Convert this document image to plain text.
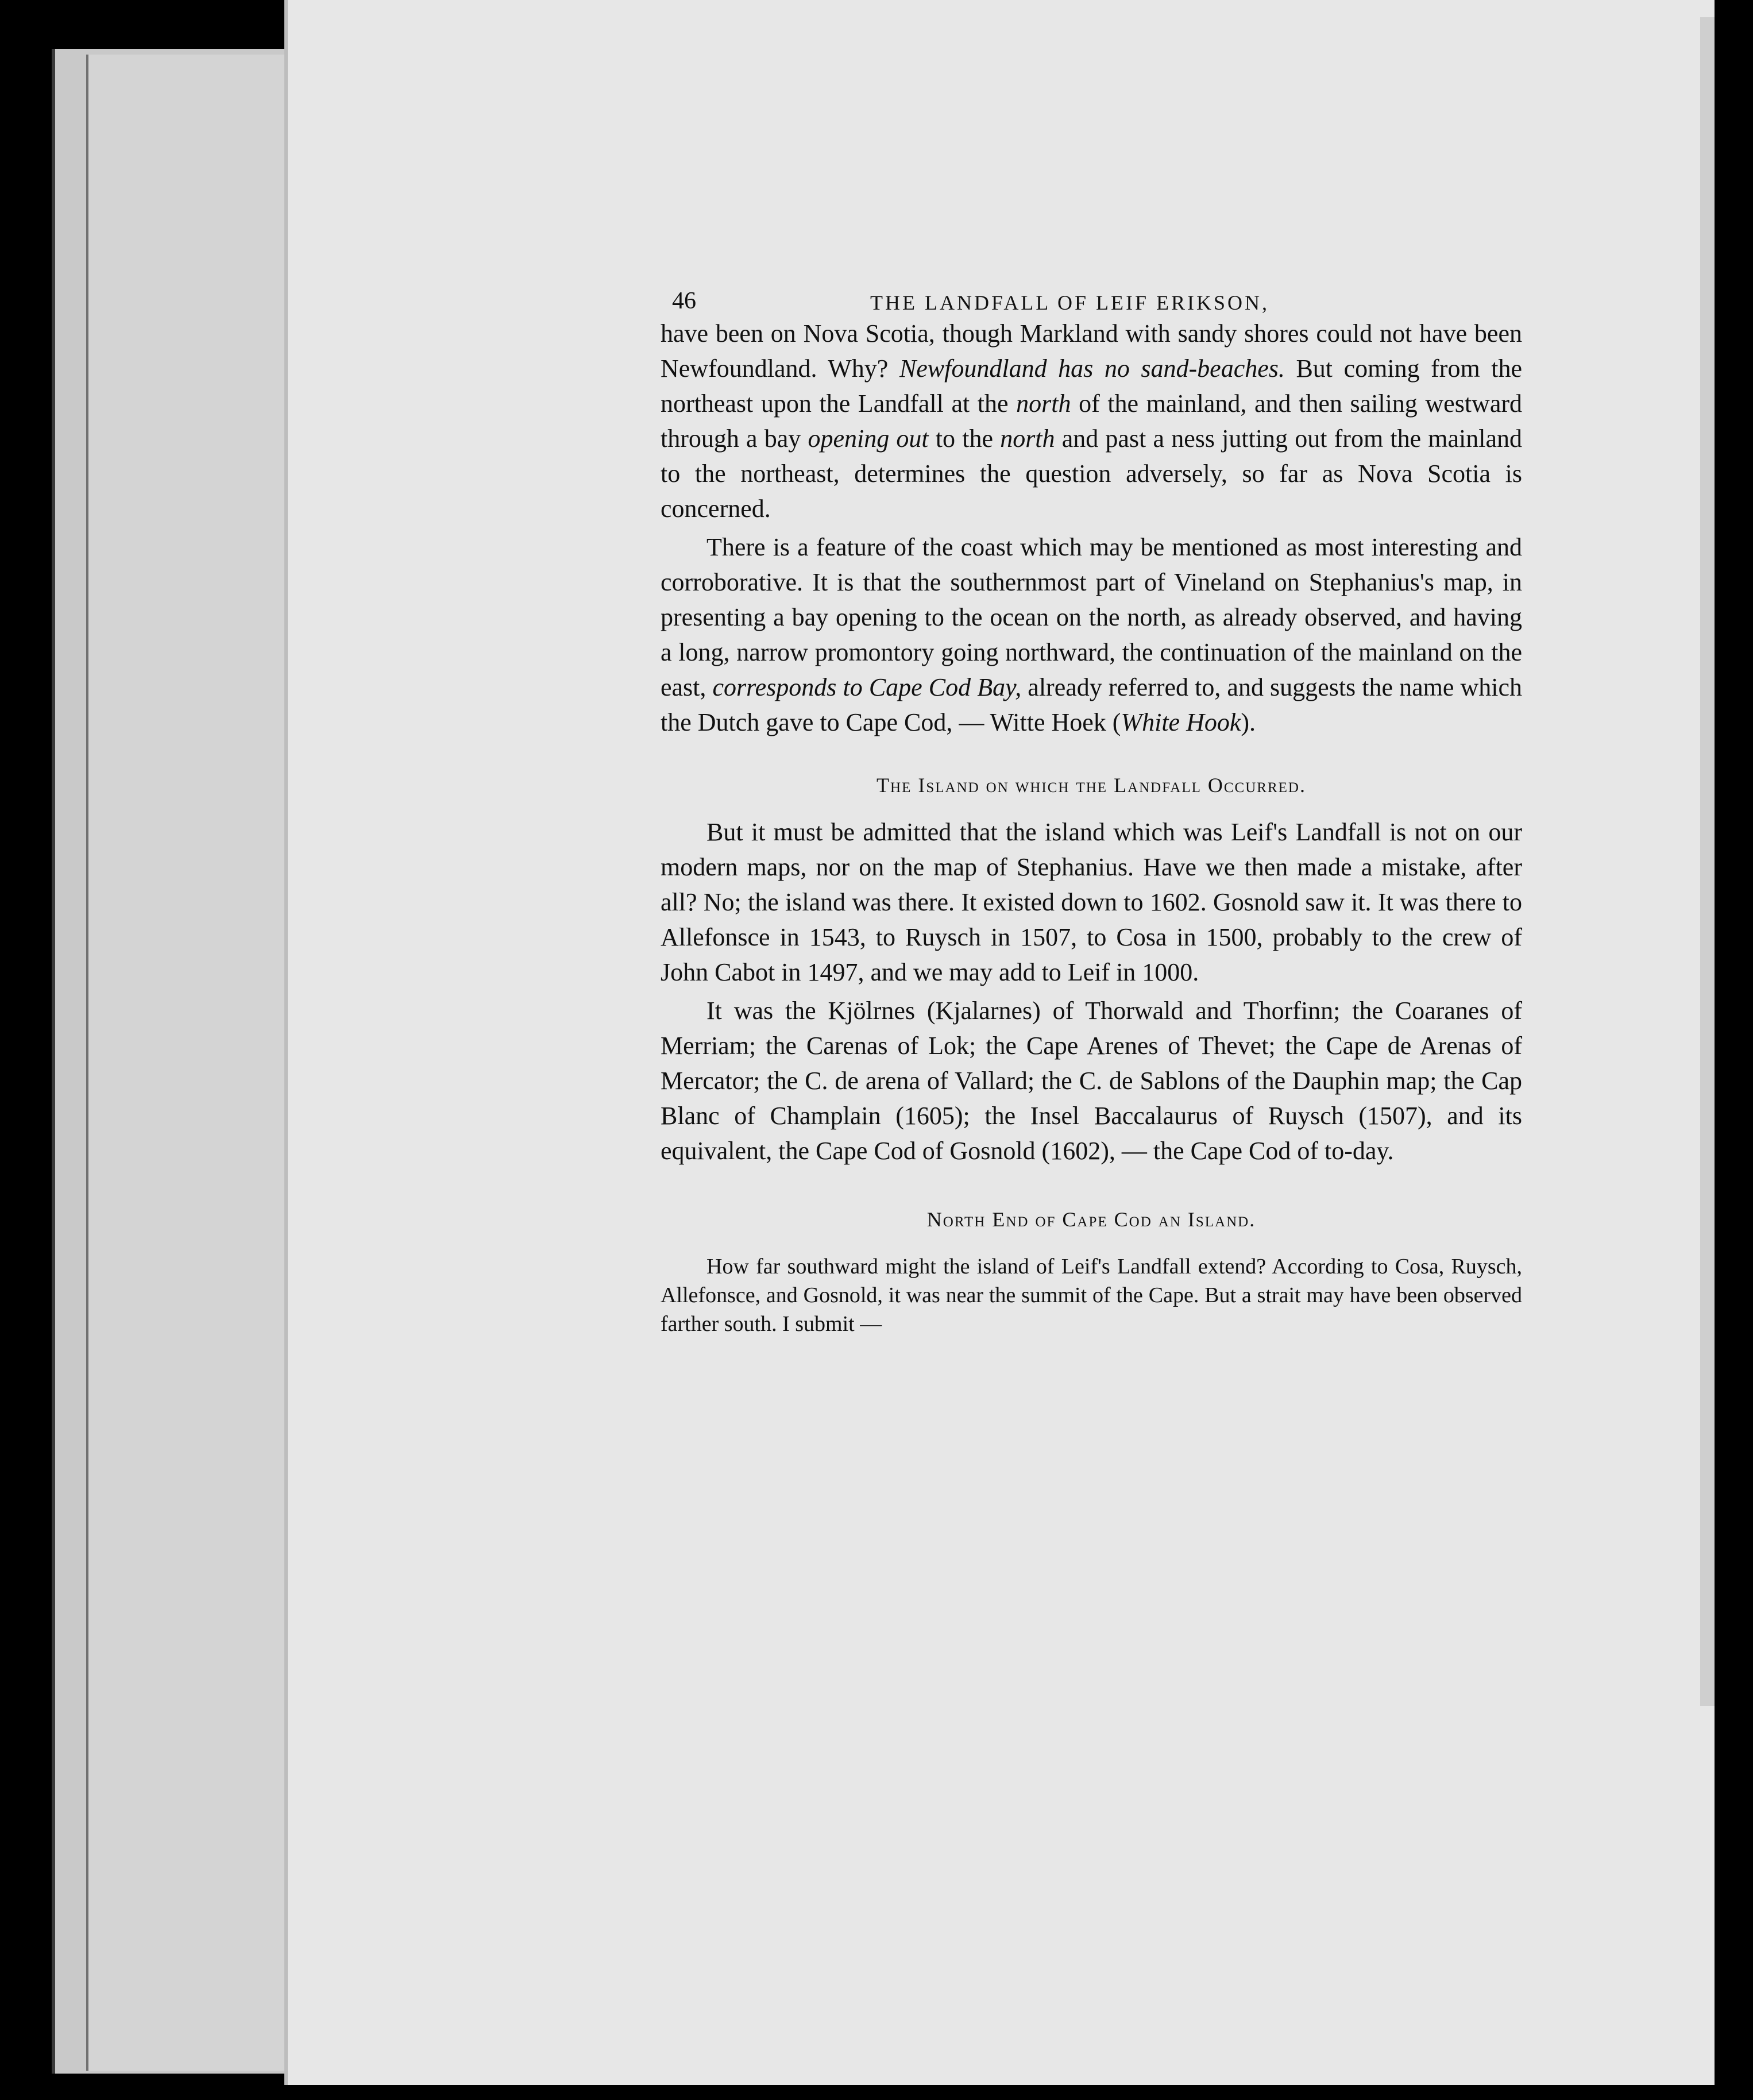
46	THE LANDFALL OF LEIF ERIKSON,

have been on Nova Scotia, though Markland with sandy shores could not have been Newfoundland. Why? Newfoundland has no sand-beaches. But coming from the northeast upon the Landfall at the north of the mainland, and then sailing westward through a bay opening out to the north and past a ness jutting out from the mainland to the northeast, determines the question adversely, so far as Nova Scotia is concerned.

There is a feature of the coast which may be mentioned as most interesting and corroborative. It is that the southernmost part of Vineland on Stephanius's map, in presenting a bay opening to the ocean on the north, as already observed, and having a long, narrow promontory going northward, the continuation of the mainland on the east, corresponds to Cape Cod Bay, already referred to, and suggests the name which the Dutch gave to Cape Cod, — Witte Hoek (White Hook).

The Island on which the Landfall Occurred.

But it must be admitted that the island which was Leif's Landfall is not on our modern maps, nor on the map of Stephanius. Have we then made a mistake, after all? No; the island was there. It existed down to 1602. Gosnold saw it. It was there to Allefonsce in 1543, to Ruysch in 1507, to Cosa in 1500, probably to the crew of John Cabot in 1497, and we may add to Leif in 1000.

It was the Kjölrnes (Kjalarnes) of Thorwald and Thorfinn; the Coaranes of Merriam; the Carenas of Lok; the Cape Arenes of Thevet; the Cape de Arenas of Mercator; the C. de arena of Vallard; the C. de Sablons of the Dauphin map; the Cap Blanc of Champlain (1605); the Insel Baccalaurus of Ruysch (1507), and its equivalent, the Cape Cod of Gosnold (1602), — the Cape Cod of to-day.

North End of Cape Cod an Island.

How far southward might the island of Leif's Landfall extend? According to Cosa, Ruysch, Allefonsce, and Gosnold, it was near the summit of the Cape. But a strait may have been observed farther south. I submit —
